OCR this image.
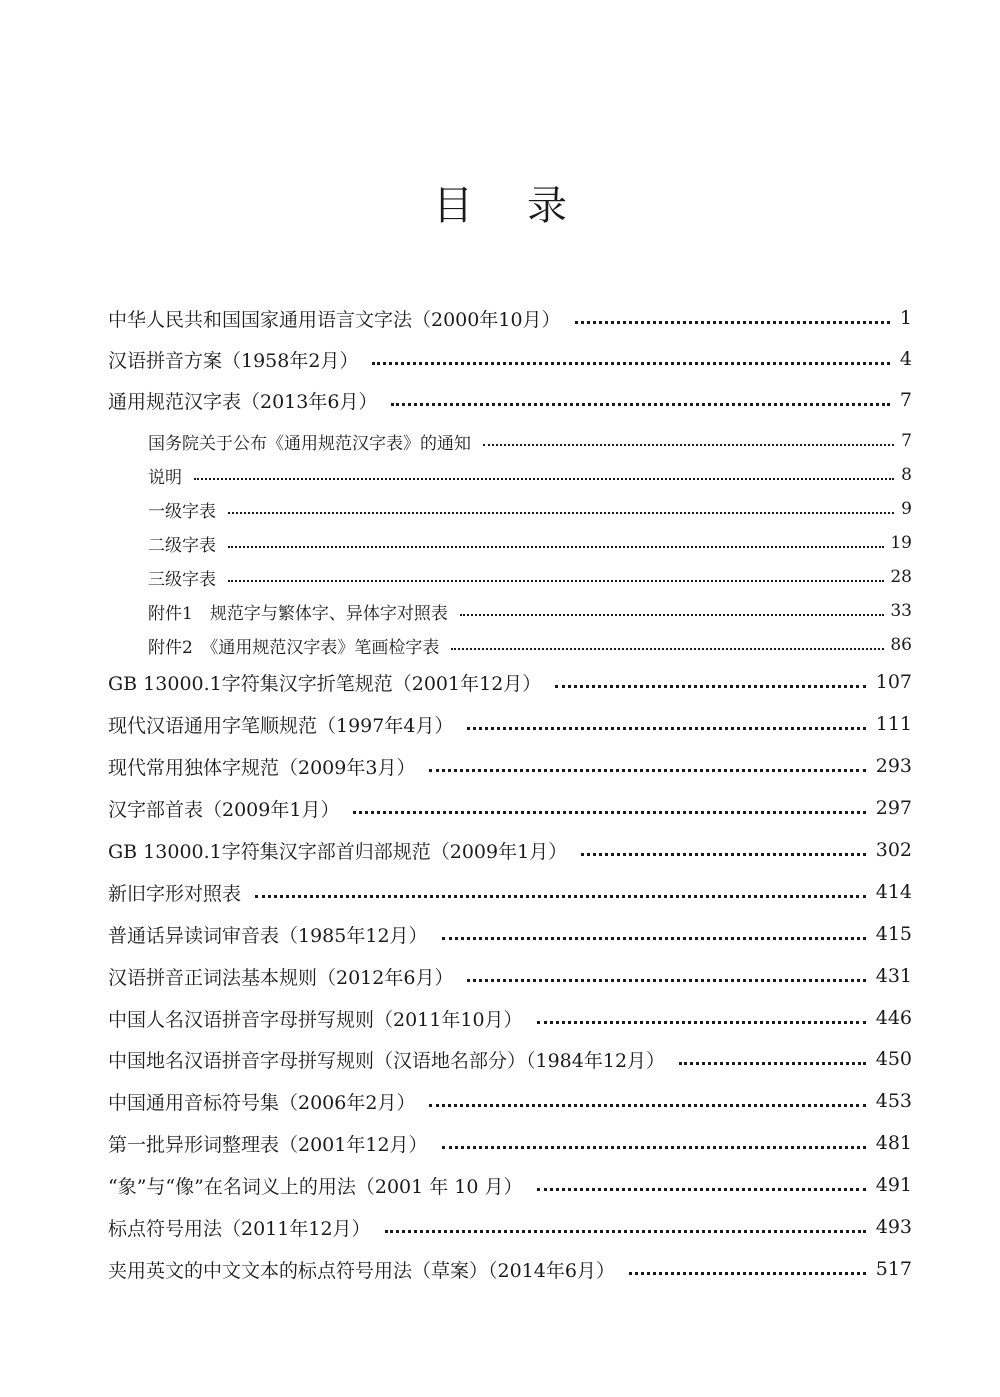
目录
中华人民共和国国家通用语言文字法（2000年10月）	1
汉语拼音方案（1958年2月）	4
通用规范汉字表（2013年6月）	7
国务院关于公布《通用规范汉字表》的通知	7
说明	8
一级字表	9
二级字表	19
三级字表	28
附件1　规范字与繁体字、异体字对照表	33
附件2　《通用规范汉字表》笔画检字表	86
GB 13000.1字符集汉字折笔规范（2001年12月）	107
现代汉语通用字笔顺规范（1997年4月）	111
现代常用独体字规范（2009年3月）	293
汉字部首表（2009年1月）	297
GB 13000.1字符集汉字部首归部规范（2009年1月）	302
新旧字形对照表	414
普通话异读词审音表（1985年12月）	415
汉语拼音正词法基本规则（2012年6月）	431
中国人名汉语拼音字母拼写规则（2011年10月）	446
中国地名汉语拼音字母拼写规则（汉语地名部分）（1984年12月）	450
中国通用音标符号集（2006年2月）	453
第一批异形词整理表（2001年12月）	481
“象”与“像”在名词义上的用法（2001 年 10 月）	491
标点符号用法（2011年12月）	493
夹用英文的中文文本的标点符号用法（草案）（2014年6月）	517
